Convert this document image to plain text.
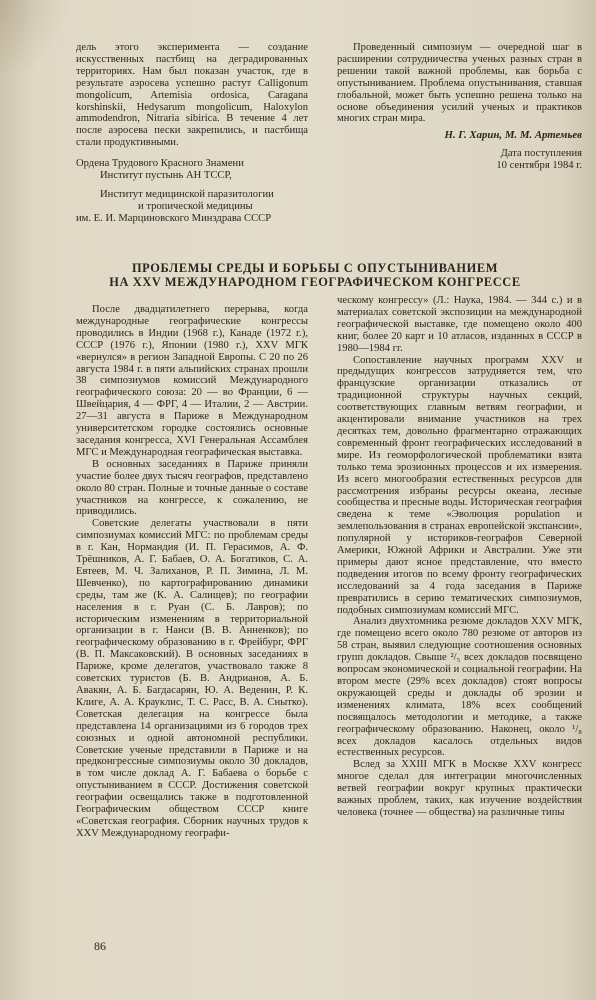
дель этого эксперимента — создание искусственных пастбищ на деградированных территориях. Нам был показан участок, где в результате аэросева успешно растут Calligonum mongolicum, Artemisia ordosica, Caragana korshinskii, Hedysarum mongolicum, Haloxylon ammodendron, Nitraria sibirica. В течение 4 лет после аэросева пески закрепились, и пастбища стали продуктивными.

Ордена Трудового Красного Знамени
Институт пустынь АН ТССР,
Институт медицинской паразитологии
и тропической медицины
им. Е. И. Марциновского Минздрава СССР

Проведенный симпозиум — очередной шаг в расширении сотрудничества ученых разных стран в решении такой важной проблемы, как борьба с опустыниванием. Проблема опустынивания, ставшая глобальной, может быть успешно решена только на основе объединения усилий ученых и практиков многих стран мира.

Н. Г. Харин, М. М. Артемьев

Дата поступления

10 сентября 1984 г.

ПРОБЛЕМЫ СРЕДЫ И БОРЬБЫ С ОПУСТЫНИВАНИЕМ
НА XXV МЕЖДУНАРОДНОМ ГЕОГРАФИЧЕСКОМ КОНГРЕССЕ

После двадцатилетнего перерыва, когда международные географические конгрессы проводились в Индии (1968 г.), Канаде (1972 г.), СССР (1976 г.), Японии (1980 г.), XXV МГК «вернулся» в регион Западной Европы. С 20 по 26 августа 1984 г. в пяти альпийских странах прошли 38 симпозиумов комиссий Международного географического союза: 20 — во Франции, 6 — Швейцария, 4 — ФРГ, 4 — Италии, 2 — Австрии. 27—31 августа в Париже в Международном университетском городке состоялись основные заседания конгресса, XVI Генеральная Ассамблея МГС и Международная географическая выставка.

В основных заседаниях в Париже приняли участие более двух тысяч географов, представлено около 80 стран. Полные и точные данные о составе участников на конгрессе, к сожалению, не приводились.

Советские делегаты участвовали в пяти симпозиумах комиссий МГС: по проблемам среды в г. Кан, Нормандия (И. П. Герасимов, А. Ф. Трёшников, А. Г. Бабаев, О. А. Богатиков, С. А. Евтеев, М. Ч. Залиханов, Р. П. Зимина, Л. М. Шевченко), по картографированию динамики среды, там же (К. А. Салищев); по географии населения в г. Руан (С. Б. Лавров); по историческим изменениям в территориальной организации в г. Нанси (В. В. Анненков); по географическому образованию в г. Фрейбург, ФРГ (В. П. Максаковский). В основных заседаниях в Париже, кроме делегатов, участвовало также 8 советских туристов (Б. В. Андрианов, А. Б. Авакян, А. Б. Багдасарян, Ю. А. Веденин, Р. К. Клиге, А. А. Крауклис, Т. С. Расс, В. А. Снытко). Советская делегация на конгрессе была представлена 14 организациями из 6 городов трех союзных и одной автономной республики. Советские ученые представили в Париже и на предконгрессные симпозиумы около 30 докладов, в том числе доклад А. Г. Бабаева о борьбе с опустыниванием в СССР. Достижения советской географии освещались также в подготовленной Географическим обществом СССР книге «Советская география. Сборник научных трудов к XXV Международному географи-

ческому конгрессу» (Л.: Наука, 1984. — 344 с.) и в материалах советской экспозиции на международной географической выставке, где помещено около 400 книг, более 20 карт и 10 атласов, изданных в СССР в 1980—1984 гг.

Сопоставление научных программ XXV и предыдущих конгрессов затрудняется тем, что французские организации отказались от традиционной структуры научных секций, соответствующих главным ветвям географии, и акцентировали внимание участников на трех десятках тем, довольно фрагментарно отражающих современный фронт географических исследований в мире. Из геоморфологической проблематики взята только тема эрозионных процессов и их измерения. Из всего многообразия естественных ресурсов для рассмотрения избраны ресурсы океана, лесные сообщества и пресные воды. Историческая география сведена к теме «Эволюция population и землепользования в странах европейской экспансии», популярной у историков-географов Северной Америки, Южной Африки и Австралии. Уже эти примеры дают ясное представление, что вместо подведения итогов по всему фронту географических исследований за 4 года заседания в Париже превратились в серию тематических симпозиумов, подобных симпозиумам комиссий МГС.

Анализ двухтомника резюме докладов XXV МГК, где помещено всего около 780 резюме от авторов из 58 стран, выявил следующие соотношения основных групп докладов. Свыше ²/₅ всех докладов посвящено вопросам экономической и социальной географии. На втором месте (29% всех докладов) стоят вопросы окружающей среды и доклады об эрозии и изменениях климата, 18% всех сообщений посвящалось методологии и методике, а также географическому образованию. Наконец, около ¹/₈ всех докладов касалось отдельных видов естественных ресурсов.

Вслед за XXIII МГК в Москве XXV конгресс многое сделал для интеграции многочисленных ветвей географии вокруг крупных практически важных проблем, таких, как изучение воздействия человека (точнее — общества) на различные типы

86
